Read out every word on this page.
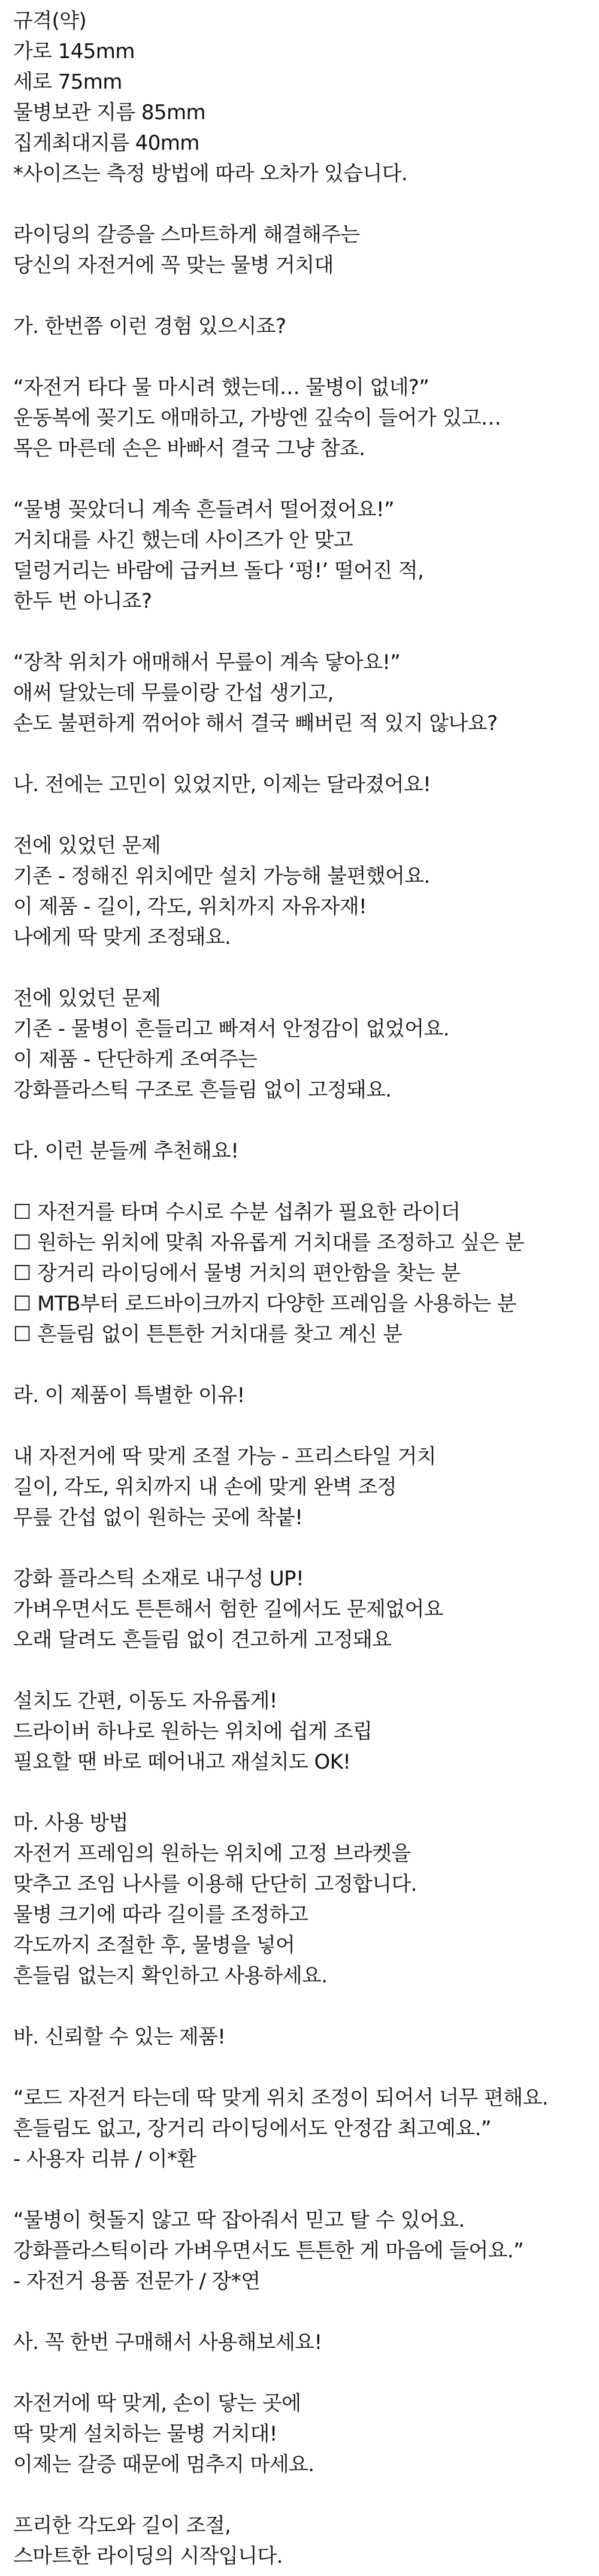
규격(약)
가로 145mm
세로 75mm
물병보관 지름 85mm
집게최대지름 40mm
*사이즈는 측정 방법에 따라 오차가 있습니다.
라이딩의 갈증을 스마트하게 해결해주는
당신의 자전거에 꼭 맞는 물병 거치대
가. 한번쯤 이런 경험 있으시죠?
“자전거 타다 물 마시려 했는데… 물병이 없네?”
운동복에 꽂기도 애매하고, 가방엔 깊숙이 들어가 있고…
목은 마른데 손은 바빠서 결국 그냥 참죠.
“물병 꽂았더니 계속 흔들려서 떨어졌어요!”
거치대를 사긴 했는데 사이즈가 안 맞고
덜렁거리는 바람에 급커브 돌다 ‘펑!’ 떨어진 적,
한두 번 아니죠?
“장착 위치가 애매해서 무릎이 계속 닿아요!”
애써 달았는데 무릎이랑 간섭 생기고,
손도 불편하게 꺾어야 해서 결국 빼버린 적 있지 않나요?
나. 전에는 고민이 있었지만, 이제는 달라졌어요!
전에 있었던 문제
기존 - 정해진 위치에만 설치 가능해 불편했어요.
이 제품 - 길이, 각도, 위치까지 자유자재!
나에게 딱 맞게 조정돼요.
전에 있었던 문제
기존 - 물병이 흔들리고 빠져서 안정감이 없었어요.
이 제품 - 단단하게 조여주는
강화플라스틱 구조로 흔들림 없이 고정돼요.
다. 이런 분들께 추천해요!
☐ 자전거를 타며 수시로 수분 섭취가 필요한 라이더
☐ 원하는 위치에 맞춰 자유롭게 거치대를 조정하고 싶은 분
☐ 장거리 라이딩에서 물병 거치의 편안함을 찾는 분
☐ MTB부터 로드바이크까지 다양한 프레임을 사용하는 분
☐ 흔들림 없이 튼튼한 거치대를 찾고 계신 분
라. 이 제품이 특별한 이유!
내 자전거에 딱 맞게 조절 가능 - 프리스타일 거치
길이, 각도, 위치까지 내 손에 맞게 완벽 조정
무릎 간섭 없이 원하는 곳에 착붙!
강화 플라스틱 소재로 내구성 UP!
가벼우면서도 튼튼해서 험한 길에서도 문제없어요
오래 달려도 흔들림 없이 견고하게 고정돼요
설치도 간편, 이동도 자유롭게!
드라이버 하나로 원하는 위치에 쉽게 조립
필요할 땐 바로 떼어내고 재설치도 OK!
마. 사용 방법
자전거 프레임의 원하는 위치에 고정 브라켓을
맞추고 조임 나사를 이용해 단단히 고정합니다.
물병 크기에 따라 길이를 조정하고
각도까지 조절한 후, 물병을 넣어
흔들림 없는지 확인하고 사용하세요.
바. 신뢰할 수 있는 제품!
“로드 자전거 타는데 딱 맞게 위치 조정이 되어서 너무 편해요.
흔들림도 없고, 장거리 라이딩에서도 안정감 최고예요.”
- 사용자 리뷰 / 이*환
“물병이 헛돌지 않고 딱 잡아줘서 믿고 탈 수 있어요.
강화플라스틱이라 가벼우면서도 튼튼한 게 마음에 들어요.”
- 자전거 용품 전문가 / 장*연
사. 꼭 한번 구매해서 사용해보세요!
자전거에 딱 맞게, 손이 닿는 곳에
딱 맞게 설치하는 물병 거치대!
이제는 갈증 때문에 멈추지 마세요.
프리한 각도와 길이 조절,
스마트한 라이딩의 시작입니다.
